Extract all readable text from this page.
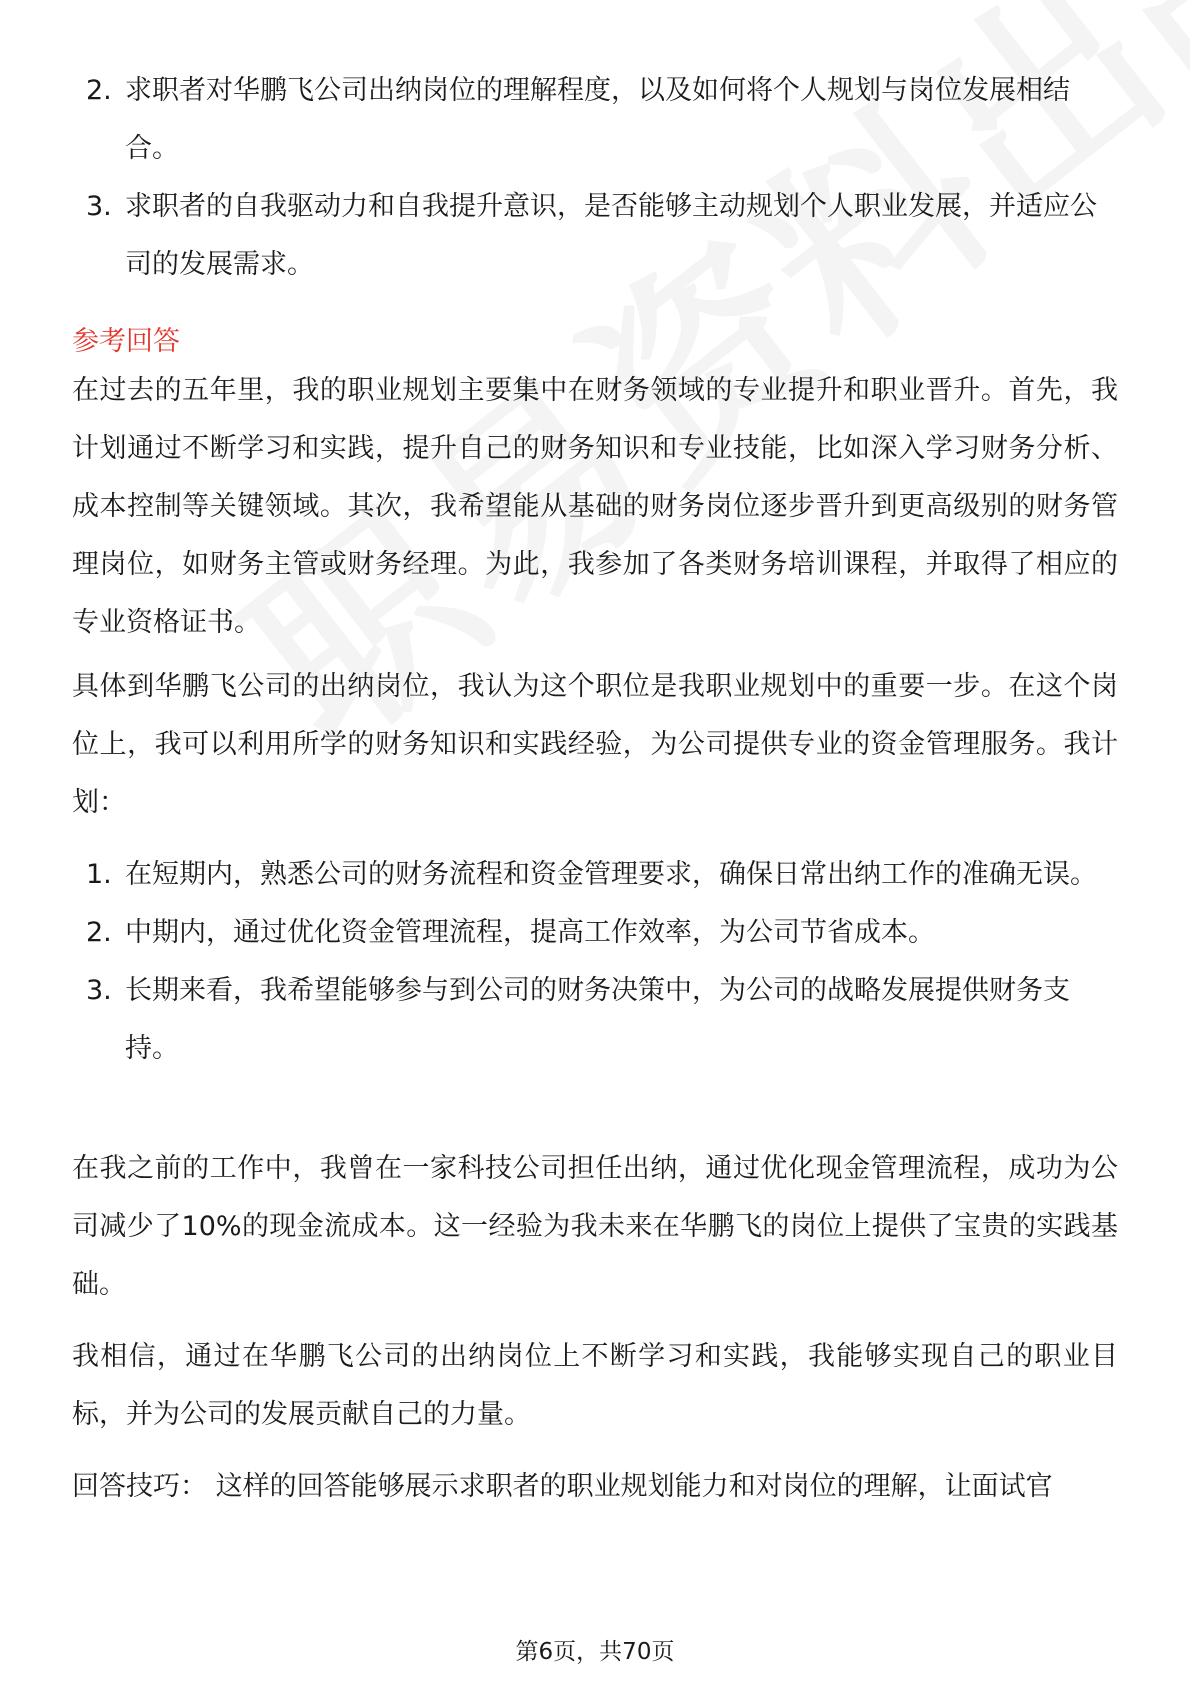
2. 求职者对华鹏飞公司出纳岗位的理解程度，以及如何将个人规划与岗位发展相结合。
3. 求职者的自我驱动力和自我提升意识，是否能够主动规划个人职业发展，并适应公司的发展需求。
参考回答

在过去的五年里，我的职业规划主要集中在财务领域的专业提升和职业晋升。首先，我计划通过不断学习和实践，提升自己的财务知识和专业技能，比如深入学习财务分析、成本控制等关键领域。其次，我希望能从基础的财务岗位逐步晋升到更高级别的财务管理岗位，如财务主管或财务经理。为此，我参加了各类财务培训课程，并取得了相应的专业资格证书。

具体到华鹏飞公司的出纳岗位，我认为这个职位是我职业规划中的重要一步。在这个岗位上，我可以利用所学的财务知识和实践经验，为公司提供专业的资金管理服务。我计划：

1. 在短期内，熟悉公司的财务流程和资金管理要求，确保日常出纳工作的准确无误。
2. 中期内，通过优化资金管理流程，提高工作效率，为公司节省成本。
3. 长期来看，我希望能够参与到公司的财务决策中，为公司的战略发展提供财务支持。

在我之前的工作中，我曾在一家科技公司担任出纳，通过优化现金管理流程，成功为公司减少了10%的现金流成本。这一经验为我未来在华鹏飞的岗位上提供了宝贵的实践基础。

我相信，通过在华鹏飞公司的出纳岗位上不断学习和实践，我能够实现自己的职业目标，并为公司的发展贡献自己的力量。

回答技巧： 这样的回答能够展示求职者的职业规划能力和对岗位的理解，让面试官

第6页，共70页
